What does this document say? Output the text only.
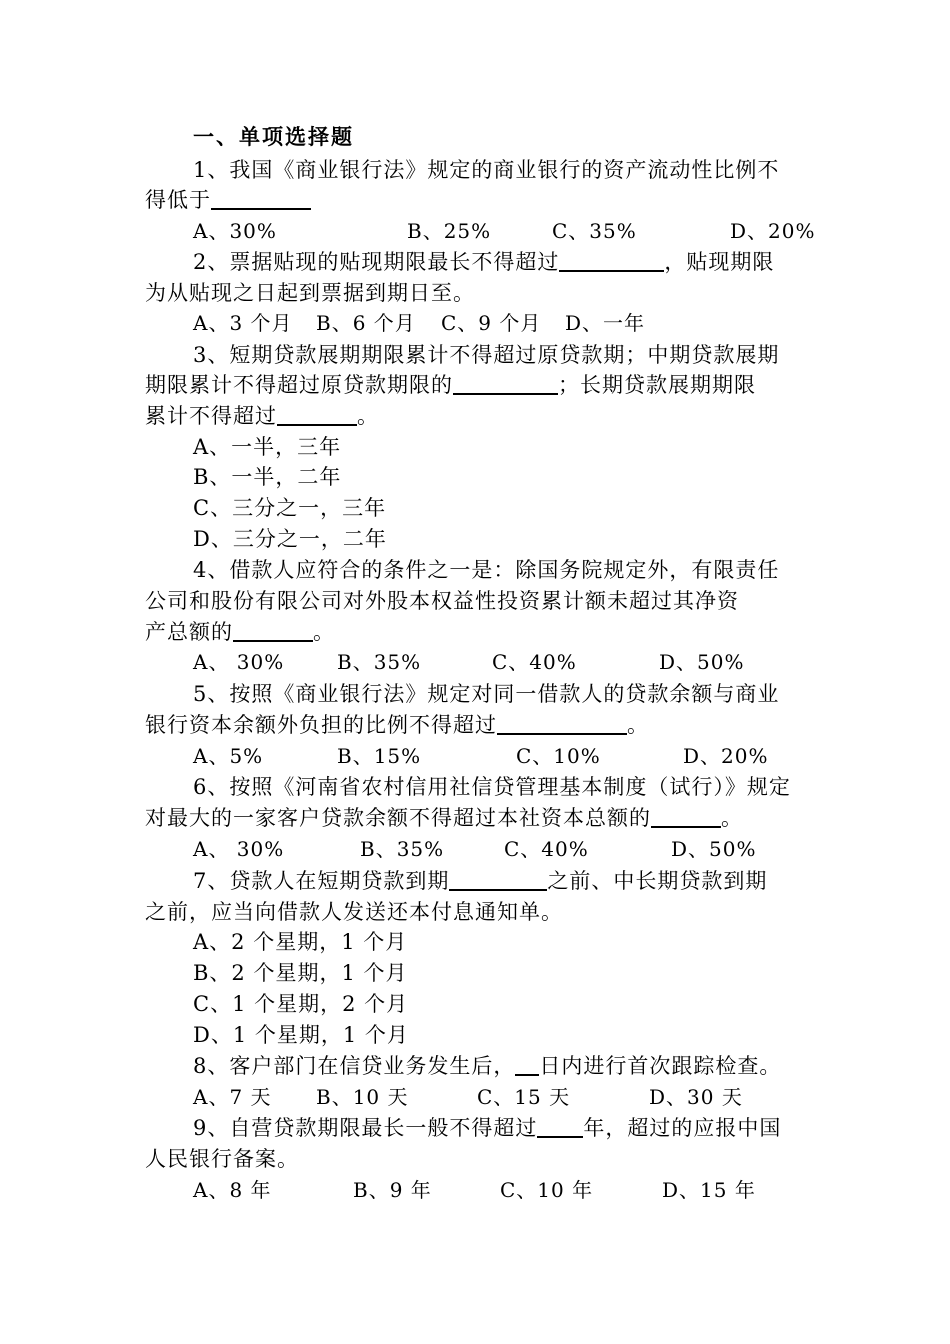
一、单项选择题
1、我国《商业银行法》规定的商业银行的资产流动性比例不
得低于
A、30%	B、25%	C、35%	D、20%
2、票据贴现的贴现期限最长不得超过	，贴现期限
为从贴现之日起到票据到期日至。
A、3 个月 B、6 个月 C、9 个月 D、一年
3、短期贷款展期期限累计不得超过原贷款期；中期贷款展期
期限累计不得超过原贷款期限的	；长期贷款展期期限
累计不得超过	。
A、一半，三年
B、一半，二年
C、三分之一，三年
D、三分之一，二年
4、借款人应符合的条件之一是：除国务院规定外，有限责任
公司和股份有限公司对外股本权益性投资累计额未超过其净资
产总额的	。
A、 30%	B、35%	C、40%	D、50%
5、按照《商业银行法》规定对同一借款人的贷款余额与商业
银行资本余额外负担的比例不得超过	。
A、5%	B、15%	C、10%	D、20%
6、按照《河南省农村信用社信贷管理基本制度（试行）》规定
对最大的一家客户贷款余额不得超过本社资本总额的	。
A、 30%	B、35%	C、40%	D、50%
7、贷款人在短期贷款到期	之前、中长期贷款到期
之前，应当向借款人发送还本付息通知单。
A、2 个星期，1 个月
B、2 个星期，1 个月
C、1 个星期，2 个月
D、1 个星期，1 个月
8、客户部门在信贷业务发生后， 日内进行首次跟踪检查。
A、7 天 B、10 天	C、15 天	D、30 天
9、自营贷款期限最长一般不得超过 年，超过的应报中国
人民银行备案。
A、8 年	B、9 年	C、10 年	D、15 年
